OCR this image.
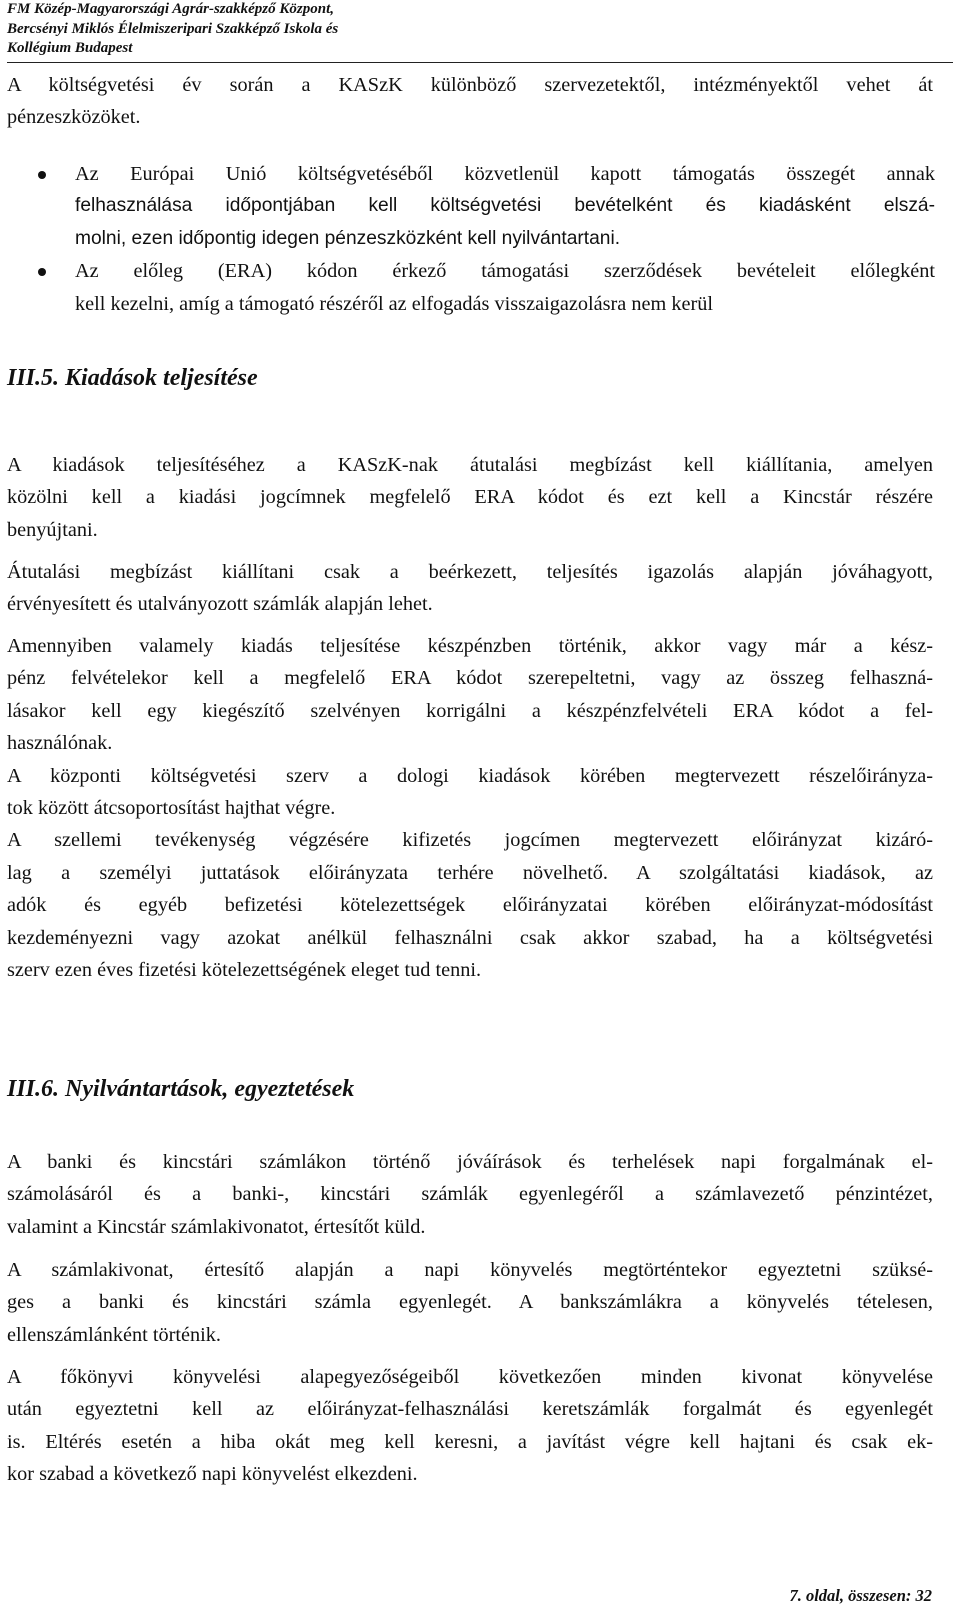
FM Közép-Magyarországi Agrár-szakképző Központ,
Bercsényi Miklós Élelmiszeripari Szakképző Iskola és
Kollégium Budapest

A költségvetési év során a KASzK különböző szervezetektől, intézményektől vehet át
pénzeszközöket.

Az Európai Unió költségvetéséből közvetlenül kapott támogatás összegét annak
felhasználása időpontjában kell költségvetési bevételként és kiadásként elszá-
molni, ezen időpontig idegen pénzeszközként kell nyilvántartani.
Az előleg (ERA) kódon érkező támogatási szerződések bevételeit előlegként
kell kezelni, amíg a támogató részéről az elfogadás visszaigazolásra nem kerül
III.5. Kiadások teljesítése

A kiadások teljesítéséhez a KASzK-nak átutalási megbízást kell kiállítania, amelyen
közölni kell a kiadási jogcímnek megfelelő ERA kódot és ezt kell a Kincstár részére
benyújtani.

Átutalási megbízást kiállítani csak a beérkezett, teljesítés igazolás alapján jóváhagyott,
érvényesített és utalványozott számlák alapján lehet.

Amennyiben valamely kiadás teljesítése készpénzben történik, akkor vagy már a kész-
pénz felvételekor kell a megfelelő ERA kódot szerepeltetni, vagy az összeg felhaszná-
lásakor kell egy kiegészítő szelvényen korrigálni a készpénzfelvételi ERA kódot a fel-
használónak.
A központi költségvetési szerv a dologi kiadások körében megtervezett részelőirányza-
tok között átcsoportosítást hajthat végre.
A szellemi tevékenység végzésére kifizetés jogcímen megtervezett előirányzat kizáró-
lag a személyi juttatások előirányzata terhére növelhető. A szolgáltatási kiadások, az
adók és egyéb befizetési kötelezettségek előirányzatai körében előirányzat-módosítást
kezdeményezni vagy azokat anélkül felhasználni csak akkor szabad, ha a költségvetési
szerv ezen éves fizetési kötelezettségének eleget tud tenni.

III.6. Nyilvántartások, egyeztetések

A banki és kincstári számlákon történő jóváírások és terhelések napi forgalmának el-
számolásáról és a banki-, kincstári számlák egyenlegéről a számlavezető pénzintézet,
valamint a Kincstár számlakivonatot, értesítőt küld.

A számlakivonat, értesítő alapján a napi könyvelés megtörténtekor egyeztetni szüksé-
ges a banki és kincstári számla egyenlegét. A bankszámlákra a könyvelés tételesen,
ellenszámlánként történik.

A főkönyvi könyvelési alapegyezőségeiből következően minden kivonat könyvelése
után egyeztetni kell az előirányzat-felhasználási keretszámlák forgalmát és egyenlegét
is. Eltérés esetén a hiba okát meg kell keresni, a javítást végre kell hajtani és csak ek-
kor szabad a következő napi könyvelést elkezdeni.

7. oldal, összesen: 32
